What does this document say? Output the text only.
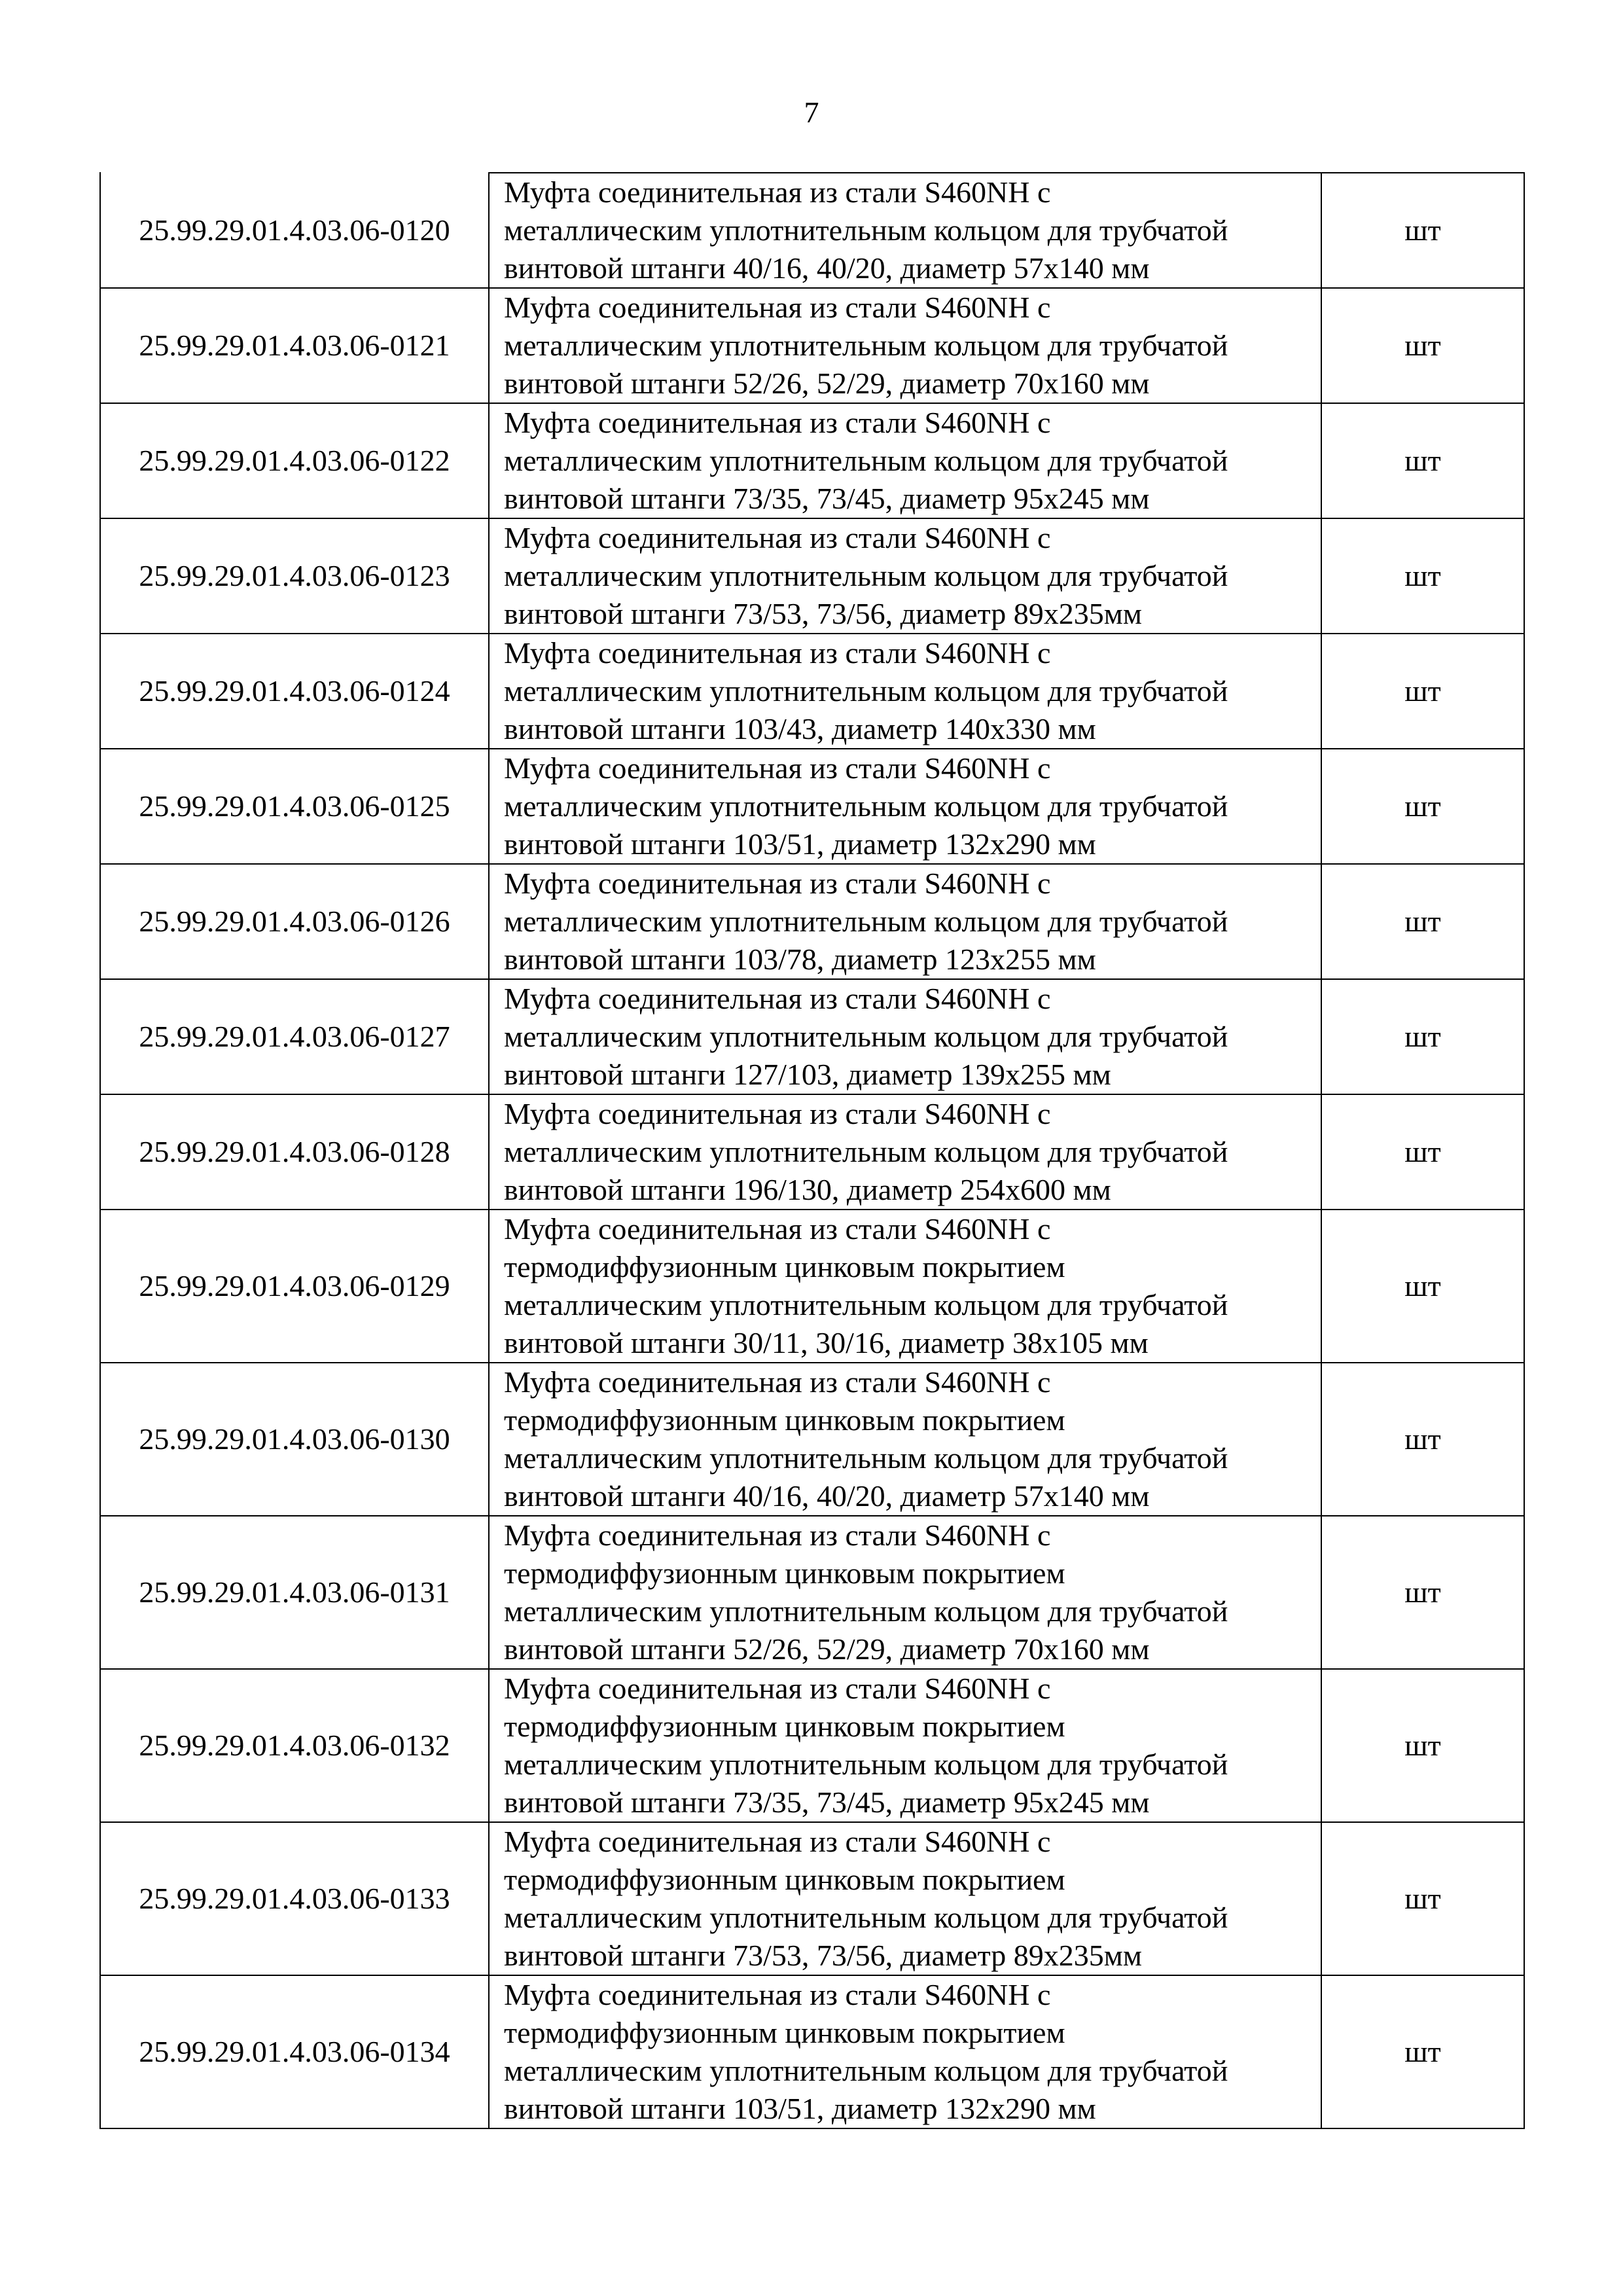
7
25.99.29.01.4.03.06-0120	Муфта соединительная из стали S460NH с
металлическим уплотнительным кольцом для трубчатой
винтовой штанги 40/16, 40/20, диаметр 57х140 мм	шт
25.99.29.01.4.03.06-0121	Муфта соединительная из стали S460NH с
металлическим уплотнительным кольцом для трубчатой
винтовой штанги 52/26, 52/29, диаметр 70х160 мм	шт
25.99.29.01.4.03.06-0122	Муфта соединительная из стали S460NH с
металлическим уплотнительным кольцом для трубчатой
винтовой штанги 73/35, 73/45, диаметр 95х245 мм	шт
25.99.29.01.4.03.06-0123	Муфта соединительная из стали S460NH с
металлическим уплотнительным кольцом для трубчатой
винтовой штанги 73/53, 73/56, диаметр 89х235мм	шт
25.99.29.01.4.03.06-0124	Муфта соединительная из стали S460NH с
металлическим уплотнительным кольцом для трубчатой
винтовой штанги 103/43, диаметр 140х330 мм	шт
25.99.29.01.4.03.06-0125	Муфта соединительная из стали S460NH с
металлическим уплотнительным кольцом для трубчатой
винтовой штанги 103/51, диаметр 132х290 мм	шт
25.99.29.01.4.03.06-0126	Муфта соединительная из стали S460NH с
металлическим уплотнительным кольцом для трубчатой
винтовой штанги 103/78, диаметр 123х255 мм	шт
25.99.29.01.4.03.06-0127	Муфта соединительная из стали S460NH с
металлическим уплотнительным кольцом для трубчатой
винтовой штанги 127/103, диаметр 139х255 мм	шт
25.99.29.01.4.03.06-0128	Муфта соединительная из стали S460NH с
металлическим уплотнительным кольцом для трубчатой
винтовой штанги 196/130, диаметр 254х600 мм	шт
25.99.29.01.4.03.06-0129	Муфта соединительная из стали S460NH с
термодиффузионным цинковым покрытием
металлическим уплотнительным кольцом для трубчатой
винтовой штанги 30/11, 30/16, диаметр 38х105 мм	шт
25.99.29.01.4.03.06-0130	Муфта соединительная из стали S460NH с
термодиффузионным цинковым покрытием
металлическим уплотнительным кольцом для трубчатой
винтовой штанги 40/16, 40/20, диаметр 57х140 мм	шт
25.99.29.01.4.03.06-0131	Муфта соединительная из стали S460NH с
термодиффузионным цинковым покрытием
металлическим уплотнительным кольцом для трубчатой
винтовой штанги 52/26, 52/29, диаметр 70х160 мм	шт
25.99.29.01.4.03.06-0132	Муфта соединительная из стали S460NH с
термодиффузионным цинковым покрытием
металлическим уплотнительным кольцом для трубчатой
винтовой штанги 73/35, 73/45, диаметр 95х245 мм	шт
25.99.29.01.4.03.06-0133	Муфта соединительная из стали S460NH с
термодиффузионным цинковым покрытием
металлическим уплотнительным кольцом для трубчатой
винтовой штанги 73/53, 73/56, диаметр 89х235мм	шт
25.99.29.01.4.03.06-0134	Муфта соединительная из стали S460NH с
термодиффузионным цинковым покрытием
металлическим уплотнительным кольцом для трубчатой
винтовой штанги 103/51, диаметр 132х290 мм	шт
